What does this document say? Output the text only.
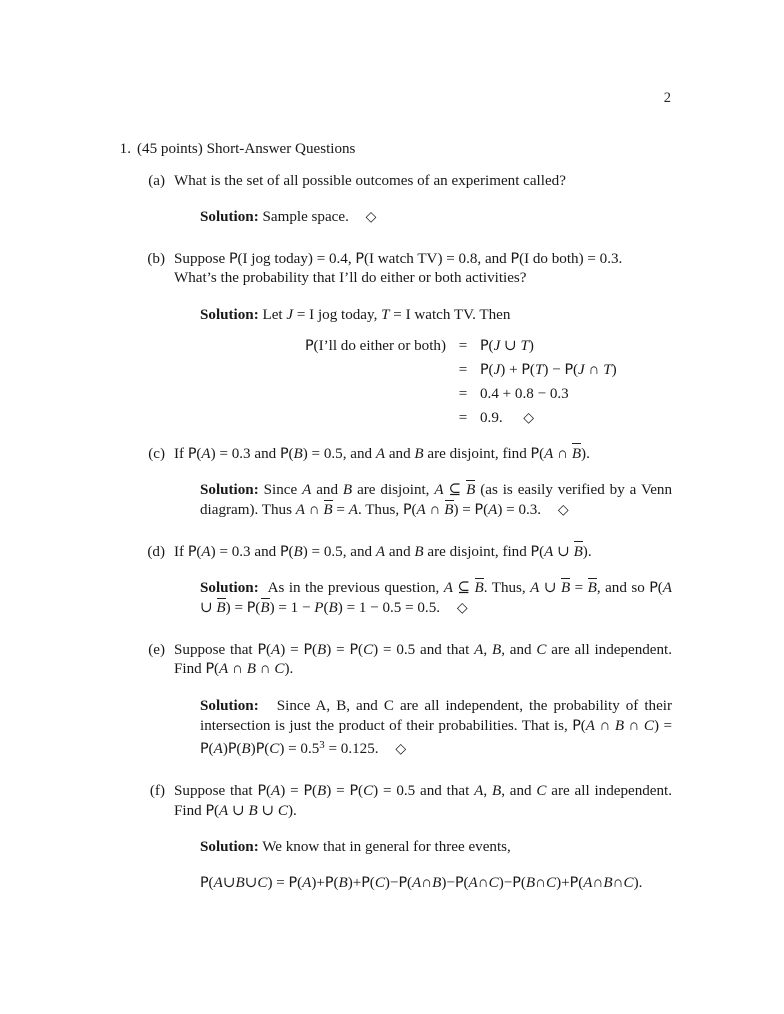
2
1. (45 points) Short-Answer Questions
(a) What is the set of all possible outcomes of an experiment called?
Solution: Sample space. ◇
(b) Suppose P(I jog today) = 0.4, P(I watch TV) = 0.8, and P(I do both) = 0.3.
What’s the probability that I’ll do either or both activities?
Solution: Let J = I jog today, T = I watch TV. Then
P(I’ll do either or both)	=	P(J ∪ T)
	=	P(J) + P(T) − P(J ∩ T)
	=	0.4 + 0.8 − 0.3
	=	0.9.  ◇
(c) If P(A) = 0.3 and P(B) = 0.5, and A and B are disjoint, find P(A ∩ B).
Solution: Since A and B are disjoint, A ⊆ B (as is easily verified by a Venn diagram). Thus A ∩ B = A. Thus, P(A ∩ B) = P(A) = 0.3. ◇
(d) If P(A) = 0.3 and P(B) = 0.5, and A and B are disjoint, find P(A ∪ B).
Solution:  As in the previous question, A ⊆ B. Thus, A ∪ B = B, and so P(A ∪ B) = P(B) = 1 − P(B) = 1 − 0.5 = 0.5. ◇
(e) Suppose that P(A) = P(B) = P(C) = 0.5 and that A, B, and C are all independent. Find P(A ∩ B ∩ C).
Solution:   Since A, B, and C are all independent, the probability of their intersection is just the product of their probabilities. That is, P(A ∩ B ∩ $C) = P(A)P(B)P(C) = 0.5^3 = 0.125$. ◇
(f) Suppose that P(A) = P(B) = P(C) = 0.5 and that A, B, and C are all independent. Find P(A ∪ B ∪ C).
Solution: We know that in general for three events,
P(A∪B∪C) = P(A)+P(B)+P(C)−P(A∩B)−P(A∩C)−P(B∩C)+P(A∩B∩C).
